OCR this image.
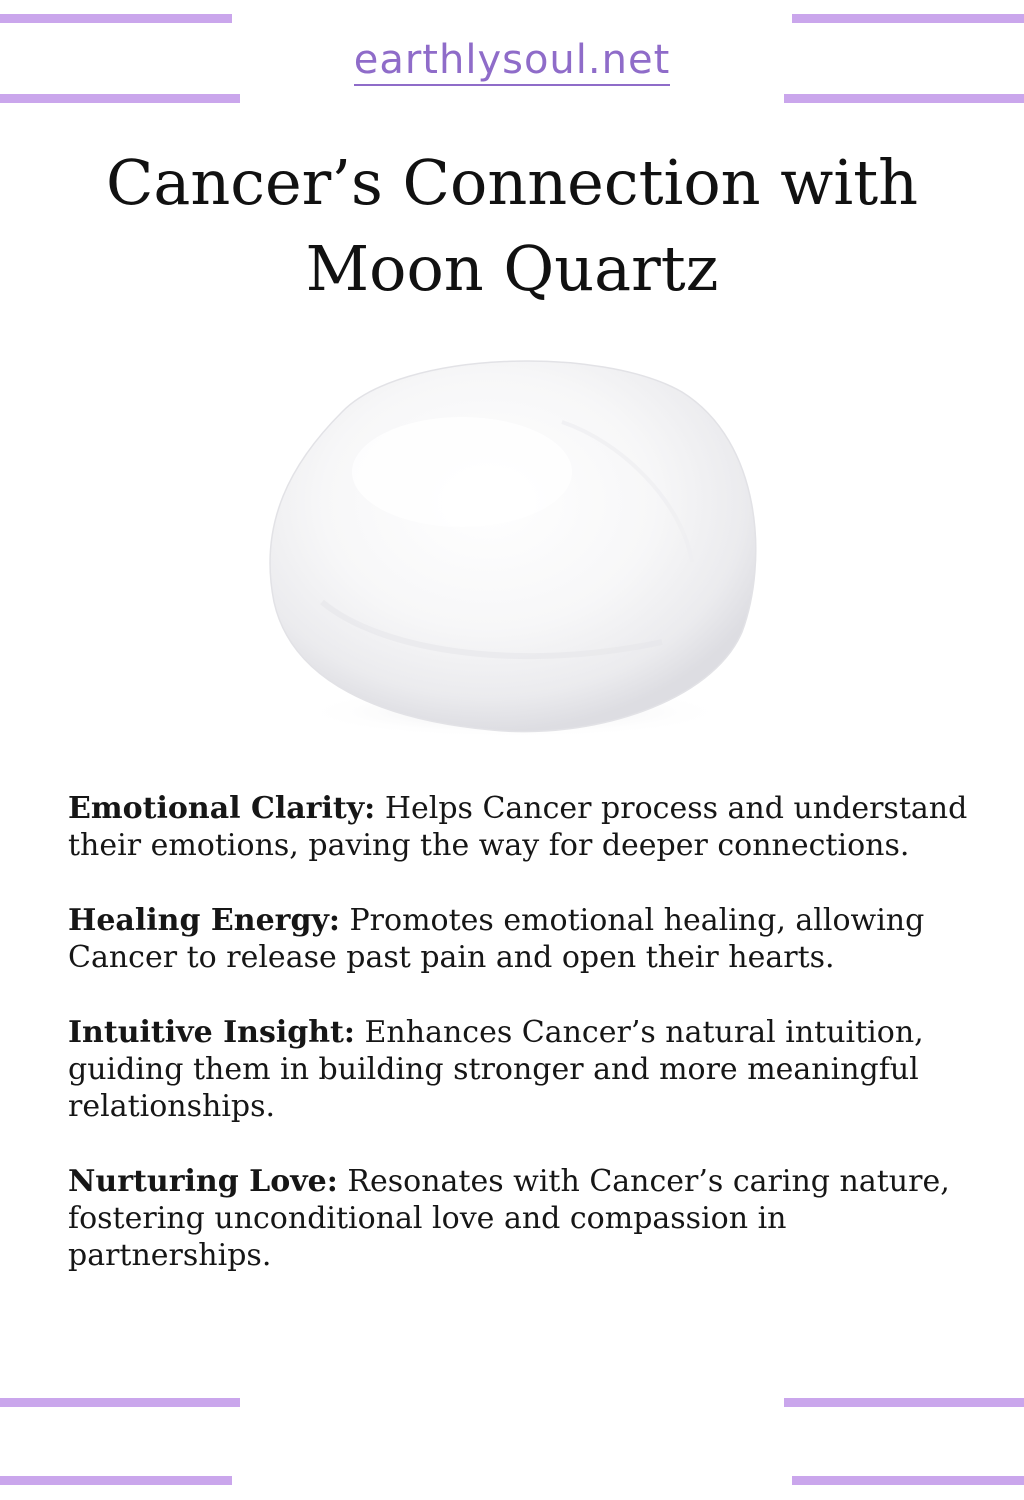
earthlysoul.net
Cancer’s Connection with Moon Quartz
Emotional Clarity: Helps Cancer process and understand their emotions, paving the way for deeper connections.
Healing Energy: Promotes emotional healing, allowing Cancer to release past pain and open their hearts.
Intuitive Insight: Enhances Cancer’s natural intuition, guiding them in building stronger and more meaningful relationships.
Nurturing Love: Resonates with Cancer’s caring nature, fostering unconditional love and compassion in partnerships.
